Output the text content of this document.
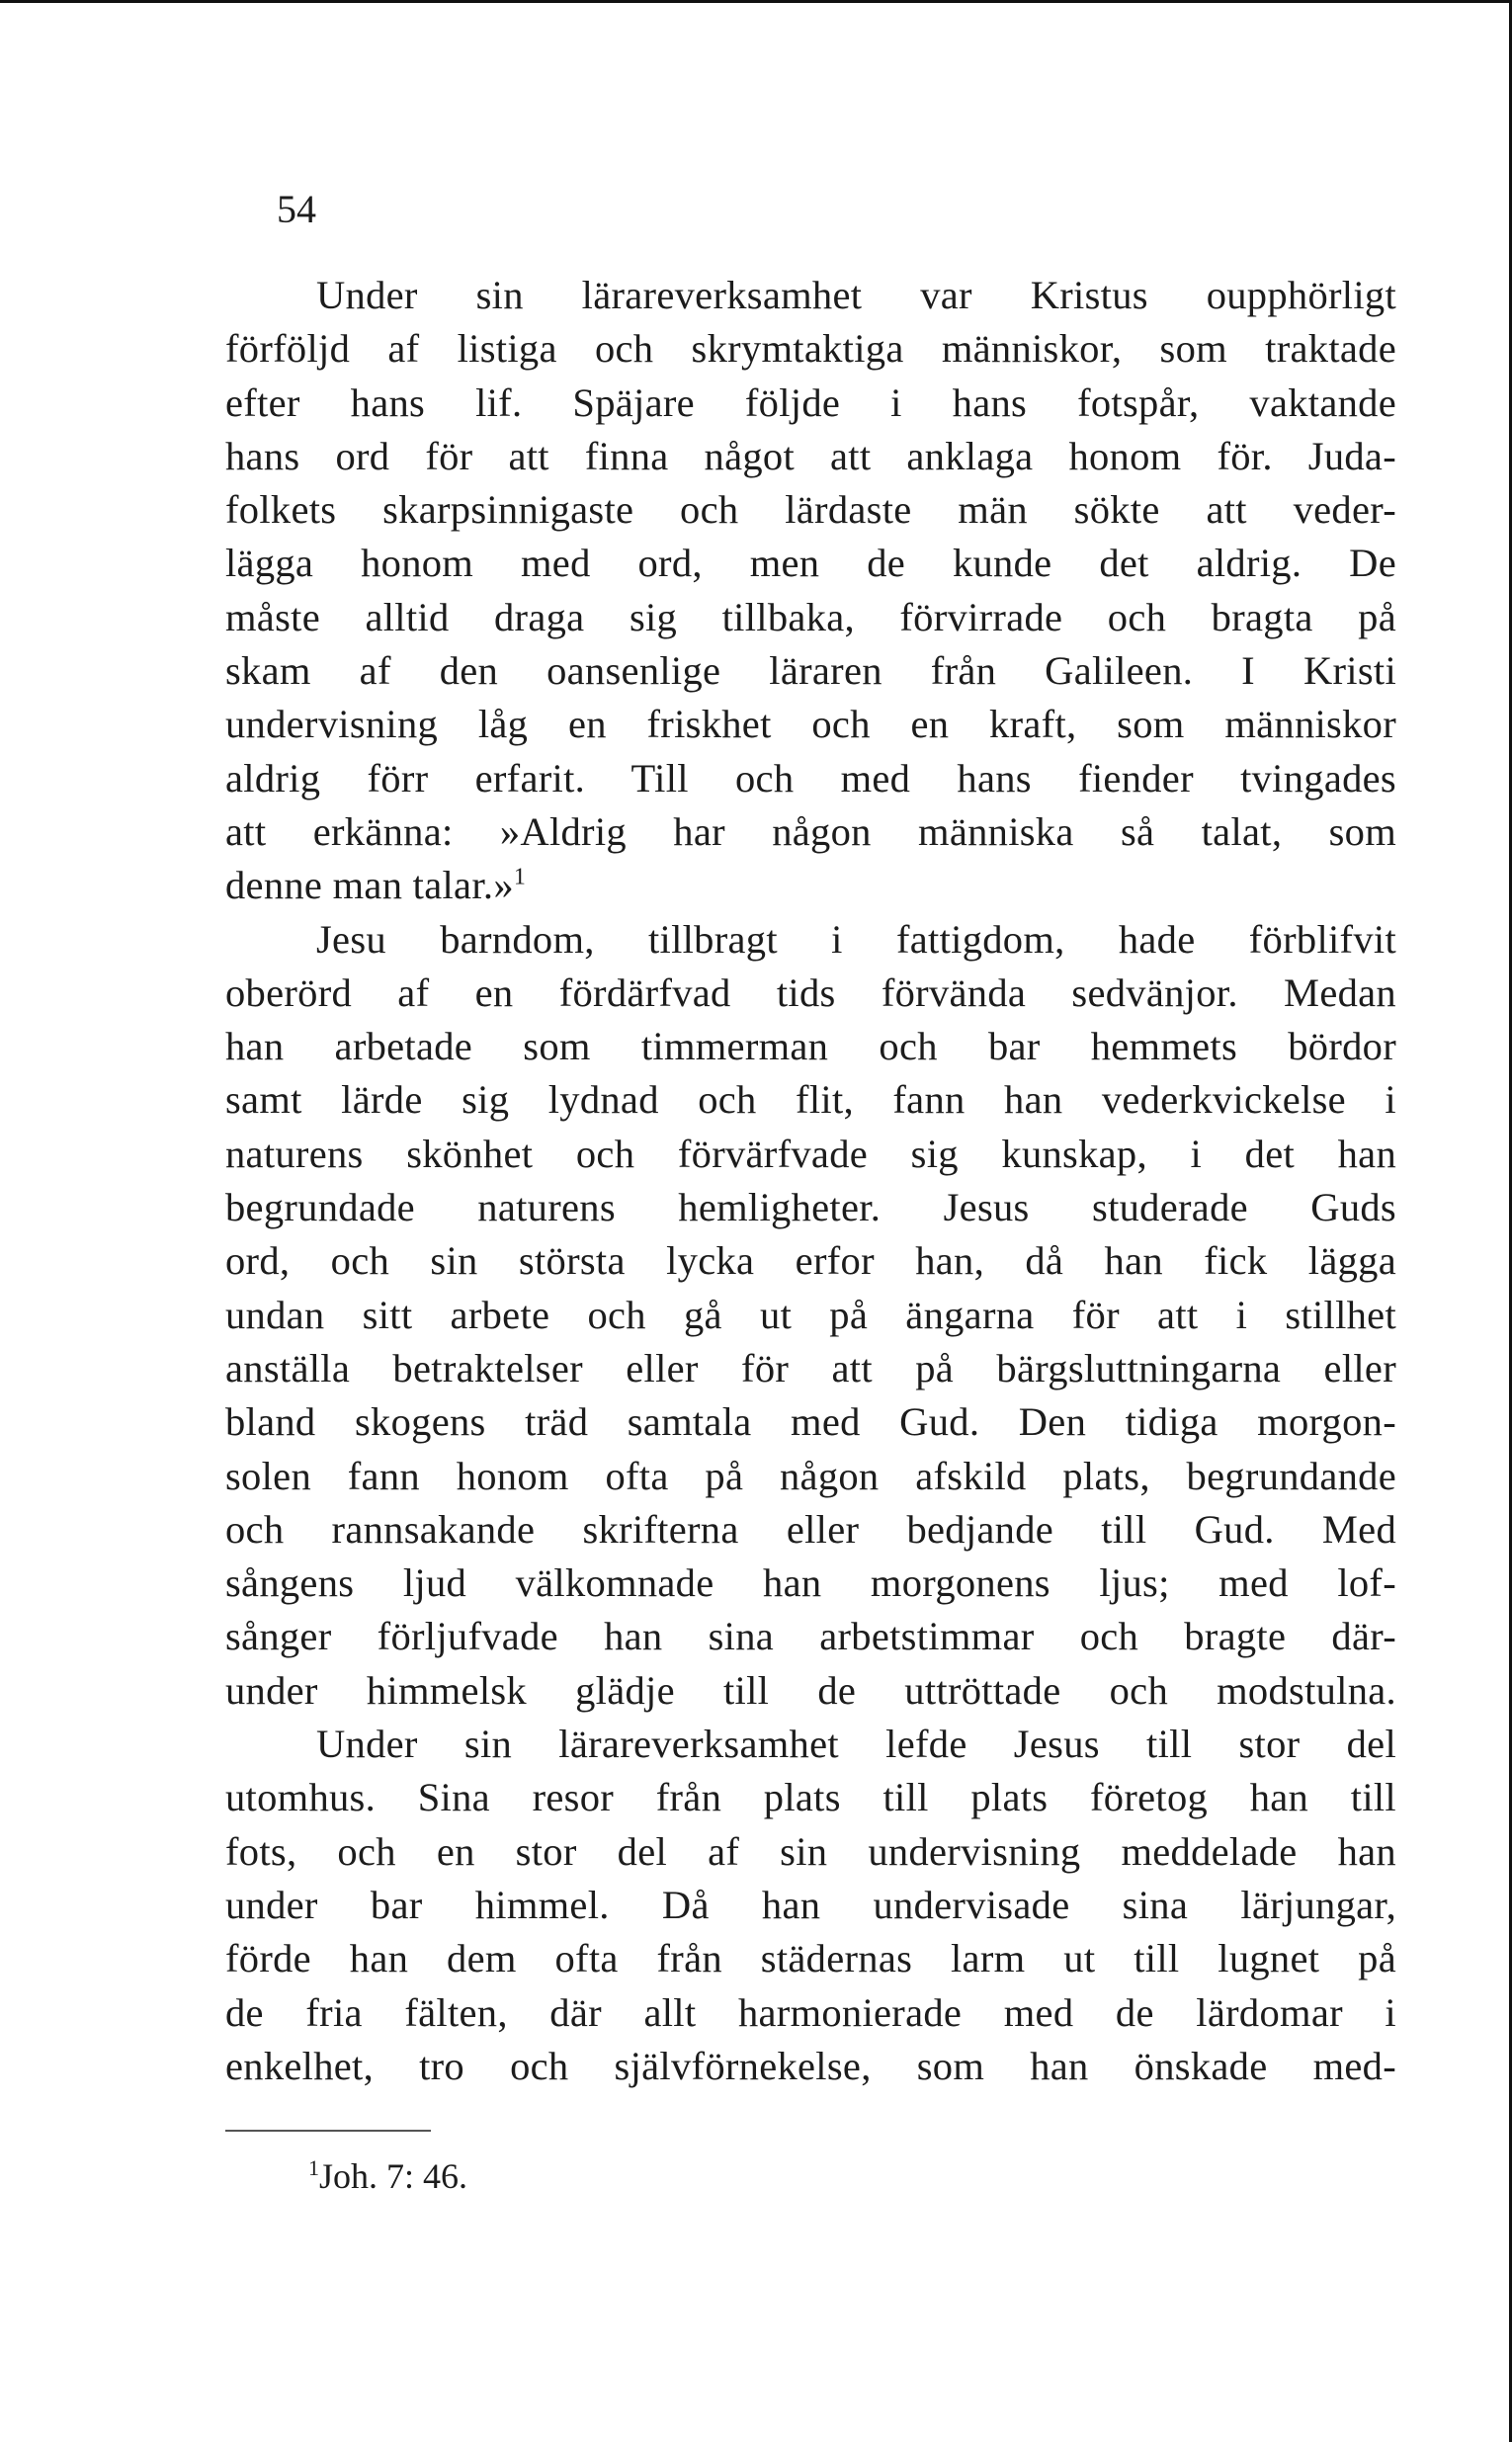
54
Under sin lärareverksamhet var Kristus oupphörligt
förföljd af listiga och skrymtaktiga människor, som traktade
efter hans lif. Späjare följde i hans fotspår, vaktande
hans ord för att finna något att anklaga honom för. Juda-
folkets skarpsinnigaste och lärdaste män sökte att veder-
lägga honom med ord, men de kunde det aldrig. De
måste alltid draga sig tillbaka, förvirrade och bragta på
skam af den oansenlige läraren från Galileen. I Kristi
undervisning låg en friskhet och en kraft, som människor
aldrig förr erfarit. Till och med hans fiender tvingades
att erkänna: »Aldrig har någon människa så talat, som
denne man talar.»$^1$
Jesu barndom, tillbragt i fattigdom, hade förblifvit
oberörd af en fördärfvad tids förvända sedvänjor. Medan
han arbetade som timmerman och bar hemmets bördor
samt lärde sig lydnad och flit, fann han vederkvickelse i
naturens skönhet och förvärfvade sig kunskap, i det han
begrundade naturens hemligheter. Jesus studerade Guds
ord, och sin största lycka erfor han, då han fick lägga
undan sitt arbete och gå ut på ängarna för att i stillhet
anställa betraktelser eller för att på bärgsluttningarna eller
bland skogens träd samtala med Gud. Den tidiga morgon-
solen fann honom ofta på någon afskild plats, begrundande
och rannsakande skrifterna eller bedjande till Gud. Med
sångens ljud välkomnade han morgonens ljus; med lof-
sånger förljufvade han sina arbetstimmar och bragte där-
under himmelsk glädje till de uttröttade och modstulna.
Under sin lärareverksamhet lefde Jesus till stor del
utomhus. Sina resor från plats till plats företog han till
fots, och en stor del af sin undervisning meddelade han
under bar himmel. Då han undervisade sina lärjungar,
förde han dem ofta från städernas larm ut till lugnet på
de fria fälten, där allt harmonierade med de lärdomar i
enkelhet, tro och självförnekelse, som han önskade med-
$^1$Joh. 7: 46.
